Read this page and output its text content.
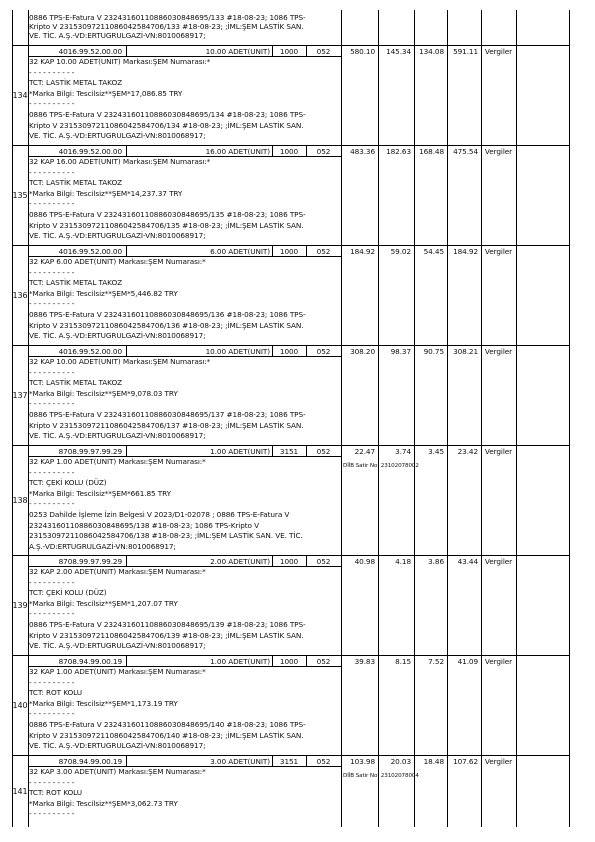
0886 TPS-E-Fatura V 232431601108860308486​95/133 #18-08-23; 1086 TPS-
Kripto V 231530972110860425847​06/133 #18-08-23; ;İML:ŞEM LASTİK SAN.
VE. TİC. A.Ş.-VD:ERTUGRULGAZİ-VN:8010068917;
4016.99.52.00.00	10.00 ADET(UNIT)	1000	052	580.10	145.34	134.08	591.11 Vergiler
134
32 KAP 10.00 ADET(UNIT) Markası:ŞEM Numarası:*
- - - - - - - - - -
TCT: LASTİK METAL TAKOZ
*Marka Bilgi: Tescilsiz**ŞEM*17,086.85 TRY
- - - - - - - - - -
0886 TPS-E-Fatura V 23243160110886030848695/134 #18-08-23; 1086 TPS-
Kripto V 23153097211086042584706/134 #18-08-23; ;İML:ŞEM LASTİK SAN.
VE. TİC. A.Ş.-VD:ERTUGRULGAZİ-VN:8010068917;
4016.99.52.00.00	16.00 ADET(UNIT)	1000	052	483.36	182.63	168.48	475.54 Vergiler
135
32 KAP 16.00 ADET(UNIT) Markası:ŞEM Numarası:*
- - - - - - - - - -
TCT: LASTİK METAL TAKOZ
*Marka Bilgi: Tescilsiz**ŞEM*14,237.37 TRY
- - - - - - - - - -
0886 TPS-E-Fatura V 23243160110886030848695/135 #18-08-23; 1086 TPS-
Kripto V 23153097211086042584706/135 #18-08-23; ;İML:ŞEM LASTİK SAN.
VE. TİC. A.Ş.-VD:ERTUGRULGAZİ-VN:8010068917;
4016.99.52.00.00	6.00 ADET(UNIT)	1000	052	184.92	59.02	54.45	184.92 Vergiler
136
32 KAP 6.00 ADET(UNIT) Markası:ŞEM Numarası:*
- - - - - - - - - -
TCT: LASTİK METAL TAKOZ
*Marka Bilgi: Tescilsiz**ŞEM*5,446.82 TRY
- - - - - - - - - -
0886 TPS-E-Fatura V 23243160110886030848695/136 #18-08-23; 1086 TPS-
Kripto V 23153097211086042584706/136 #18-08-23; ;İML:ŞEM LASTİK SAN.
VE. TİC. A.Ş.-VD:ERTUGRULGAZİ-VN:8010068917;
4016.99.52.00.00	10.00 ADET(UNIT)	1000	052	308.20	98.37	90.75	308.21 Vergiler
137
32 KAP 10.00 ADET(UNIT) Markası:ŞEM Numarası:*
- - - - - - - - - -
TCT: LASTİK METAL TAKOZ
*Marka Bilgi: Tescilsiz**ŞEM*9,078.03 TRY
- - - - - - - - - -
0886 TPS-E-Fatura V 23243160110886030848695/137 #18-08-23; 1086 TPS-
Kripto V 23153097211086042584706/137 #18-08-23; ;İML:ŞEM LASTİK SAN.
VE. TİC. A.Ş.-VD:ERTUGRULGAZİ-VN:8010068917;
8708.99.97.99.29	1.00 ADET(UNIT)	3151	052	22.47	3.74	3.45	23.42 Vergiler
138
32 KAP 1.00 ADET(UNIT) Markası:ŞEM Numarası:*
- - - - - - - - - -
TCT: ÇEKİ KOLU (DÜZ)
*Marka Bilgi: Tescilsiz**ŞEM*661.85 TRY
- - - - - - - - - -
0253 Dahilde İşleme İzin Belgesi V 2023/D1-02078 ; 0886 TPS-E-Fatura V
23243160110886030848695/138 #18-08-23; 1086 TPS-Kripto V
23153097211086042584706/138 #18-08-23; ;İML:ŞEM LASTİK SAN. VE. TİC.
A.Ş.-VD:ERTUGRULGAZİ-VN:8010068917;
DİİB Satir No: 23102078002
8708.99.97.99.29	2.00 ADET(UNIT)	1000	052	40.98	4.18	3.86	43.44 Vergiler
139
32 KAP 2.00 ADET(UNIT) Markası:ŞEM Numarası:*
- - - - - - - - - -
TCT: ÇEKİ KOLU (DÜZ)
*Marka Bilgi: Tescilsiz**ŞEM*1,207.07 TRY
- - - - - - - - - -
0886 TPS-E-Fatura V 23243160110886030848695/139 #18-08-23; 1086 TPS-
Kripto V 23153097211086042584706/139 #18-08-23; ;İML:ŞEM LASTİK SAN.
VE. TİC. A.Ş.-VD:ERTUGRULGAZİ-VN:8010068917;
8708.94.99.00.19	1.00 ADET(UNIT)	1000	052	39.83	8.15	7.52	41.09 Vergiler
140
32 KAP 1.00 ADET(UNIT) Markası:ŞEM Numarası:*
- - - - - - - - - -
TCT: ROT KOLU
*Marka Bilgi: Tescilsiz**ŞEM*1,173.19 TRY
- - - - - - - - - -
0886 TPS-E-Fatura V 23243160110886030848695/140 #18-08-23; 1086 TPS-
Kripto V 23153097211086042584706/140 #18-08-23; ;İML:ŞEM LASTİK SAN.
VE. TİC. A.Ş.-VD:ERTUGRULGAZİ-VN:8010068917;
8708.94.99.00.19	3.00 ADET(UNIT)	3151	052	103.98	20.03	18.48	107.62 Vergiler
141
32 KAP 3.00 ADET(UNIT) Markası:ŞEM Numarası:*
- - - - - - - - - -
TCT: ROT KOLU
*Marka Bilgi: Tescilsiz**ŞEM*3,062.73 TRY
- - - - - - - - - -
DİİB Satir No: 23102078004
